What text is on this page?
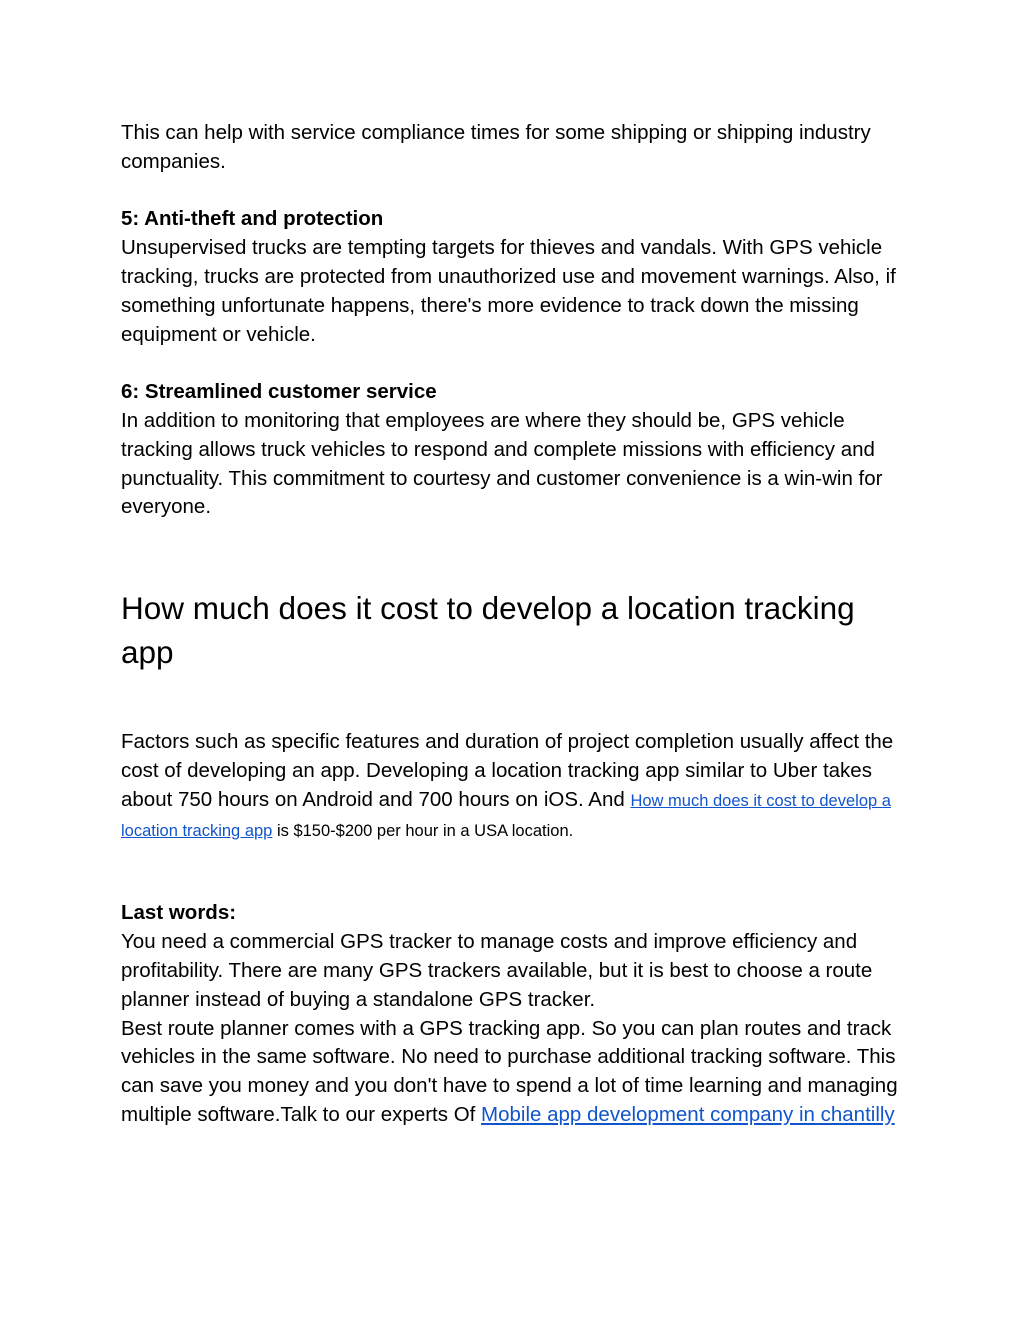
This can help with service compliance times for some shipping or shipping industry companies.

5: Anti-theft and protection

Unsupervised trucks are tempting targets for thieves and vandals. With GPS vehicle tracking, trucks are protected from unauthorized use and movement warnings. Also, if something unfortunate happens, there's more evidence to track down the missing equipment or vehicle.

6: Streamlined customer service

In addition to monitoring that employees are where they should be, GPS vehicle tracking allows truck vehicles to respond and complete missions with efficiency and punctuality. This commitment to courtesy and customer convenience is a win-win for everyone.

How much does it cost to develop a location tracking app

Factors such as specific features and duration of project completion usually affect the cost of developing an app. Developing a location tracking app similar to Uber takes about 750 hours on Android and 700 hours on iOS. And How much does it cost to develop a location tracking app is $150-$200 per hour in a USA location.

Last words:

You need a commercial GPS tracker to manage costs and improve efficiency and profitability. There are many GPS trackers available, but it is best to choose a route planner instead of buying a standalone GPS tracker.

Best route planner comes with a GPS tracking app. So you can plan routes and track vehicles in the same software. No need to purchase additional tracking software. This can save you money and you don't have to spend a lot of time learning and managing multiple software.Talk to our experts Of Mobile app development company in chantilly
